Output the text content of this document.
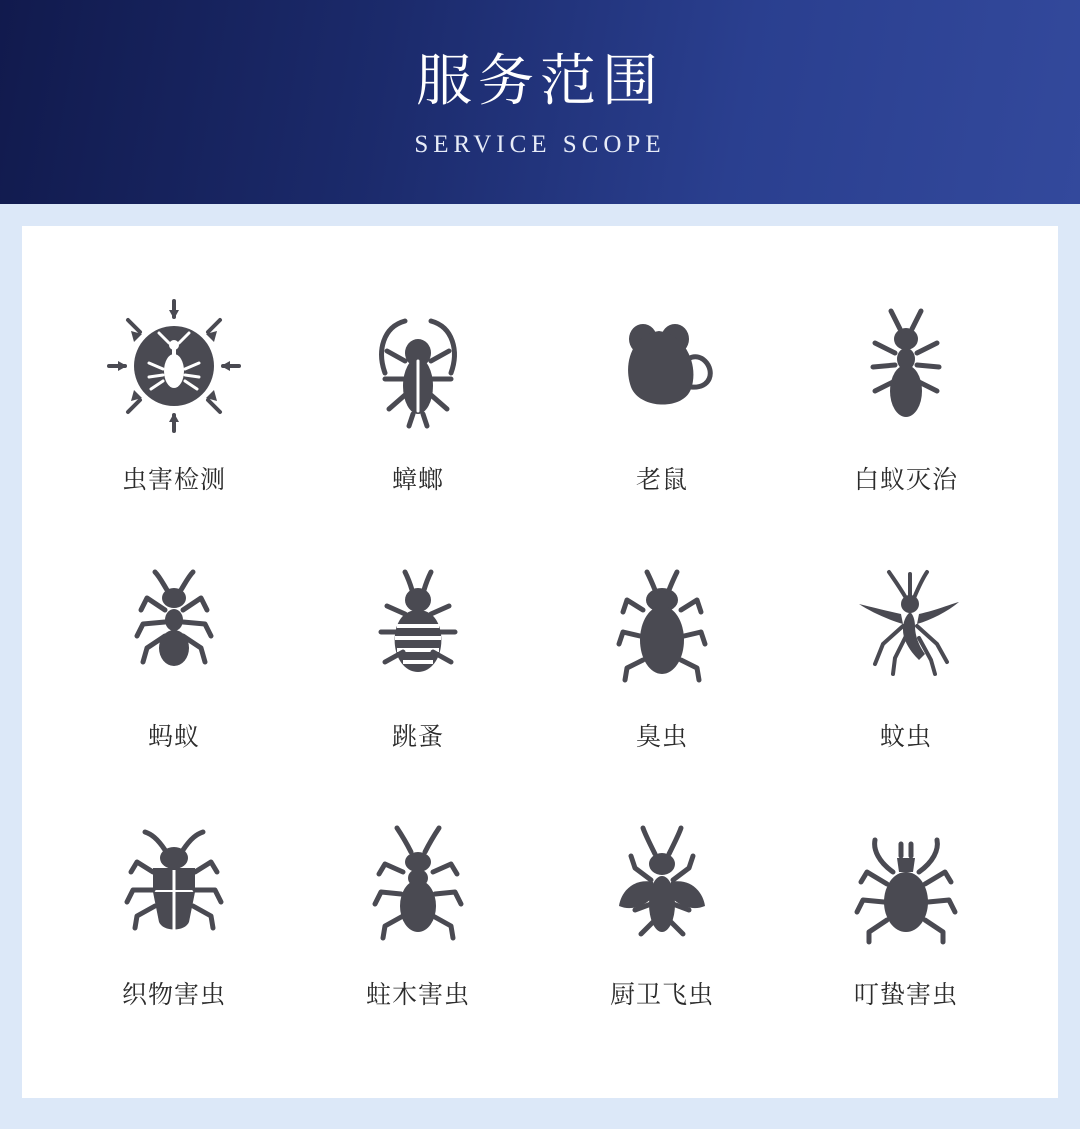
服务范围
SERVICE SCOPE
虫害检测	蟑螂	老鼠	白蚁灭治
蚂蚁	跳蚤	臭虫	蚊虫
织物害虫	蛀木害虫	厨卫飞虫	叮蛰害虫
